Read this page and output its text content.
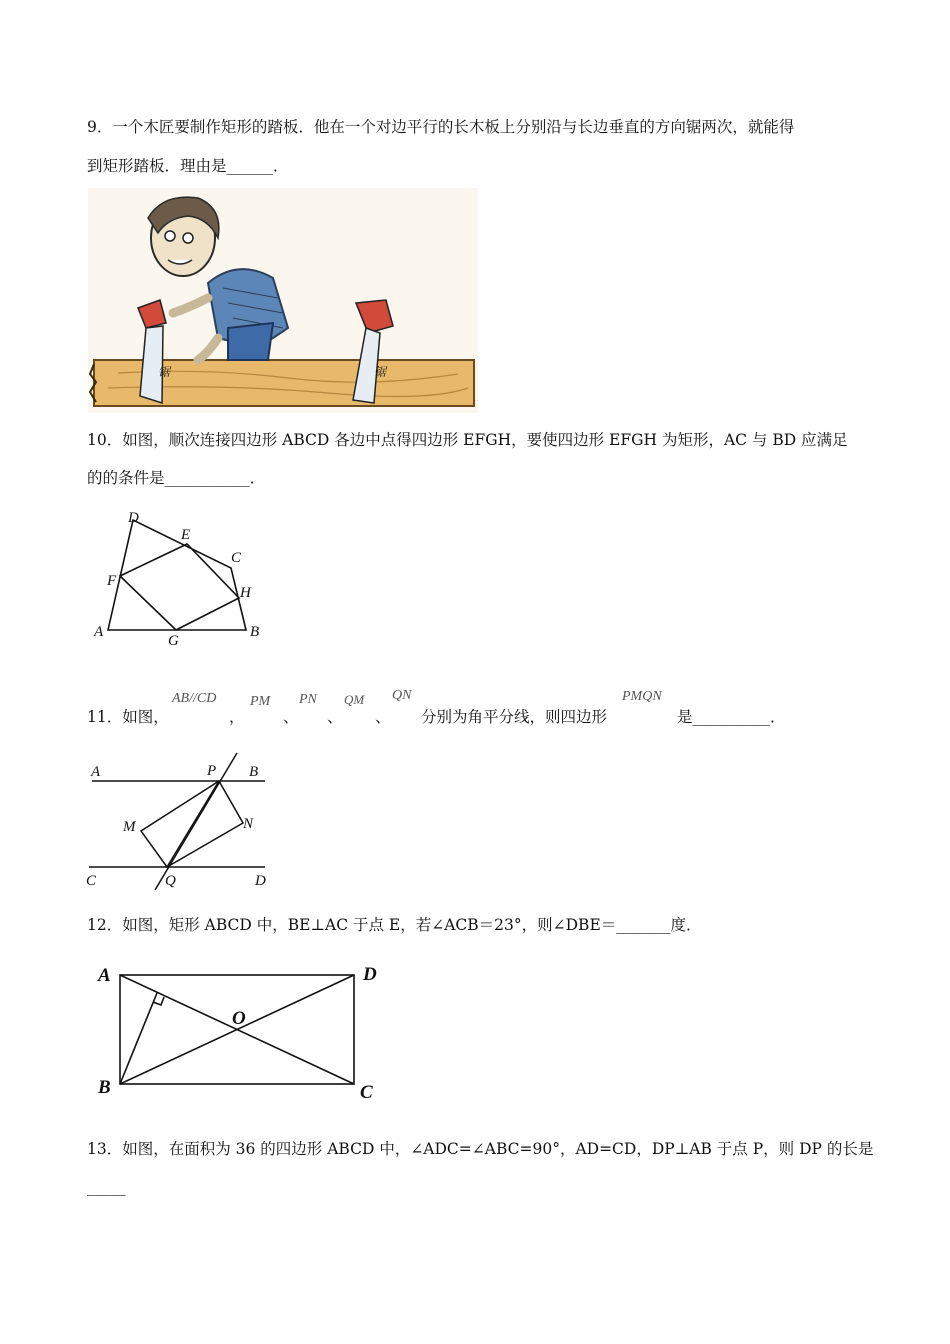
9．一个木匠要制作矩形的踏板．他在一个对边平行的长木板上分别沿与长边垂直的方向锯两次，就能得
到矩形踏板．理由是______．
锯	锯
10．如图，顺次连接四边形 ABCD 各边中点得四边形 EFGH，要使四边形 EFGH 为矩形，AC 与 BD 应满足
的的条件是___________．
A	B
C
D
E
F
G
H
11．如图，
AB//CD
，
PM
、
PN
、
QM
、
QN
分别为角平分线，则四边形
PMQN
是__________．
A	B
P
M	N
C	Q	D
12．如图，矩形 ABCD 中，BE⊥AC 于点 E，若∠ACB＝23°，则∠DBE＝_______度．
A	D
O
B	C
13．如图，在面积为 36 的四边形 ABCD 中，∠ADC=∠ABC=90°，AD=CD，DP⊥AB 于点 P，则 DP 的长是
_____
